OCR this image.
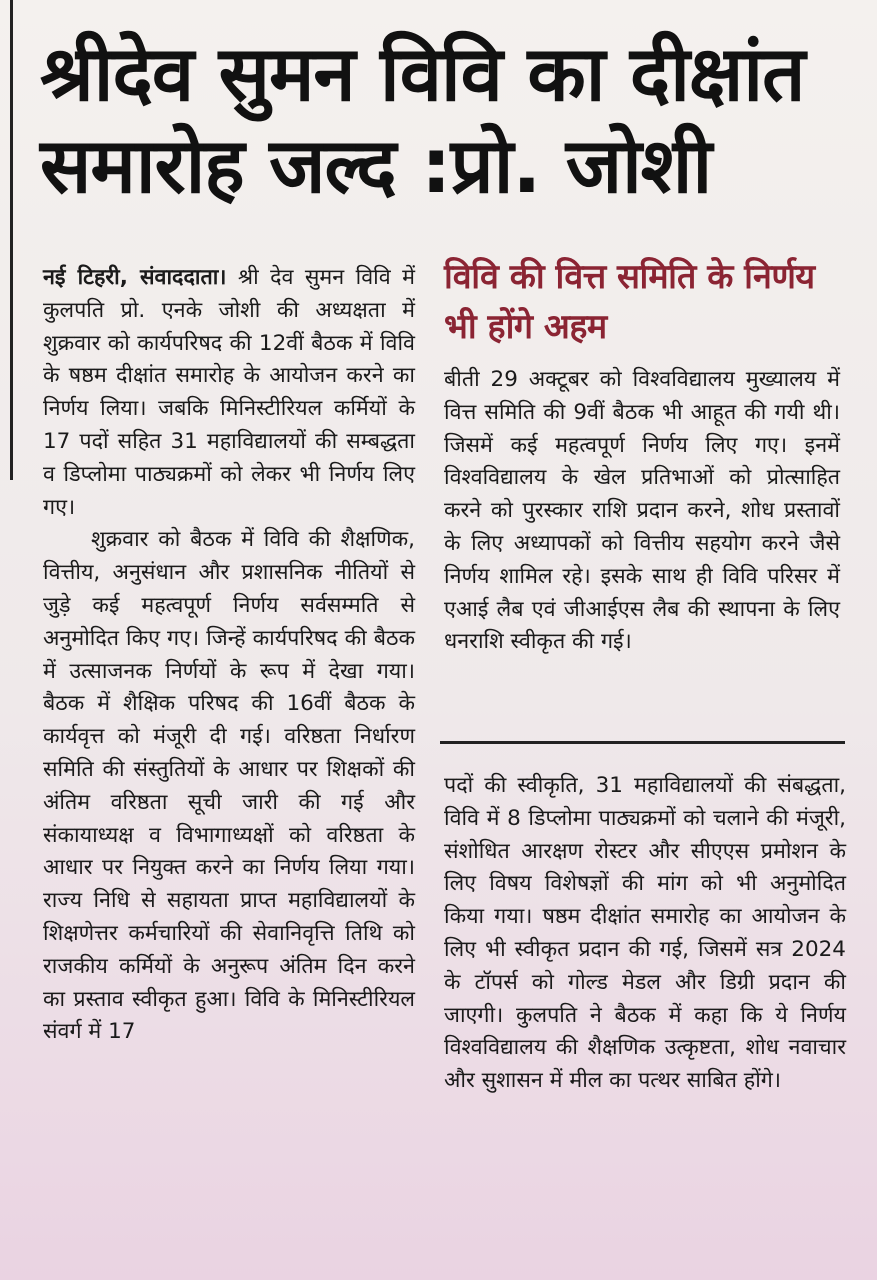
श्रीदेव सुमन विवि का दीक्षांत समारोह जल्द :प्रो. जोशी

नई टिहरी, संवाददाता। श्री देव सुमन विवि में कुलपति प्रो. एनके जोशी की अध्यक्षता में शुक्रवार को कार्यपरिषद की 12वीं बैठक में विवि के षष्ठम दीक्षांत समारोह के आयोजन करने का निर्णय लिया। जबकि मिनिस्टीरियल कर्मियों के 17 पदों सहित 31 महाविद्यालयों की सम्बद्धता व डिप्लोमा पाठ्यक्रमों को लेकर भी निर्णय लिए गए।

शुक्रवार को बैठक में विवि की शैक्षणिक, वित्तीय, अनुसंधान और प्रशासनिक नीतियों से जुड़े कई महत्वपूर्ण निर्णय सर्वसम्मति से अनुमोदित किए गए। जिन्हें कार्यपरिषद की बैठक में उत्साजनक निर्णयों के रूप में देखा गया। बैठक में शैक्षिक परिषद की 16वीं बैठक के कार्यवृत्त को मंजूरी दी गई। वरिष्ठता निर्धारण समिति की संस्तुतियों के आधार पर शिक्षकों की अंतिम वरिष्ठता सूची जारी की गई और संकायाध्यक्ष व विभागाध्यक्षों को वरिष्ठता के आधार पर नियुक्त करने का निर्णय लिया गया। राज्य निधि से सहायता प्राप्त महाविद्यालयों के शिक्षणेत्तर कर्मचारियों की सेवानिवृत्ति तिथि को राजकीय कर्मियों के अनुरूप अंतिम दिन करने का प्रस्ताव स्वीकृत हुआ। विवि के मिनिस्टीरियल संवर्ग में 17

विवि की वित्त समिति के निर्णय भी होंगे अहम

बीती 29 अक्टूबर को विश्वविद्यालय मुख्यालय में वित्त समिति की 9वीं बैठक भी आहूत की गयी थी। जिसमें कई महत्वपूर्ण निर्णय लिए गए। इनमें विश्वविद्यालय के खेल प्रतिभाओं को प्रोत्साहित करने को पुरस्कार राशि प्रदान करने, शोध प्रस्तावों के लिए अध्यापकों को वित्तीय सहयोग करने जैसे निर्णय शामिल रहे। इसके साथ ही विवि परिसर में एआई लैब एवं जीआईएस लैब की स्थापना के लिए धनराशि स्वीकृत की गई।

पदों की स्वीकृति, 31 महाविद्यालयों की संबद्धता, विवि में 8 डिप्लोमा पाठ्यक्रमों को चलाने की मंजूरी, संशोधित आरक्षण रोस्टर और सीएएस प्रमोशन के लिए विषय विशेषज्ञों की मांग को भी अनुमोदित किया गया। षष्ठम दीक्षांत समारोह का आयोजन के लिए भी स्वीकृत प्रदान की गई, जिसमें सत्र 2024 के टॉपर्स को गोल्ड मेडल और डिग्री प्रदान की जाएगी। कुलपति ने बैठक में कहा कि ये निर्णय विश्वविद्यालय की शैक्षणिक उत्कृष्टता, शोध नवाचार और सुशासन में मील का पत्थर साबित होंगे।
